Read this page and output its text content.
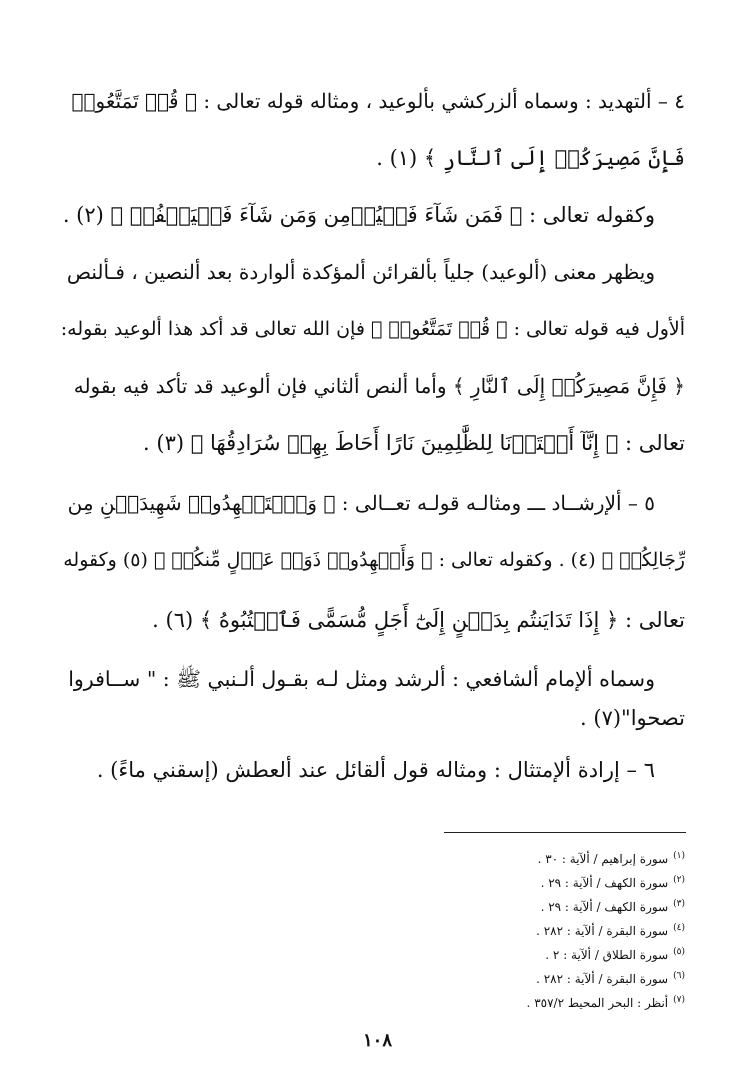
٤ – ألتهديد : وسماه ألزركشي بألوعيد ، ومثاله قوله تعالى : ﴿ قُلۡ تَمَتَّعُوا۟
فَإِنَّ مَصِيرَكُمۡ إِلَى ٱلنَّارِ ﴾ (١) .
وكقوله تعالى : ﴿ فَمَن شَآءَ فَلۡيُؤۡمِن وَمَن شَآءَ فَلۡيَكۡفُرۡ ﴾ (٢) .
ويظهر معنى (ألوعيد) جلياً بألقرائن ألمؤكدة ألواردة بعد ألنصين ، فـألنص
ألأول فيه قوله تعالى : ﴿ قُلۡ تَمَتَّعُوا۟ ﴾ فإن الله تعالى قد أكد هذا ألوعيد بقوله:
﴿ فَإِنَّ مَصِيرَكُمۡ إِلَى ٱلنَّارِ ﴾ وأما ألنص ألثاني فإن ألوعيد قد تأكد فيه بقوله
تعالى : ﴿ إِنَّآ أَعۡتَدۡنَا لِلظَّٰلِمِينَ نَارًا أَحَاطَ بِهِمۡ سُرَادِقُهَا ﴾ (٣) .
٥ – ألإرشــاد ـــ ومثالـه قولـه تعــالى : ﴿ وَٱسۡتَشۡهِدُوا۟ شَهِيدَيۡنِ مِن
رِّجَالِكُمۡ ﴾ (٤) . وكقوله تعالى : ﴿ وَأَشۡهِدُوا۟ ذَوَيۡ عَدۡلٍ مِّنكُمۡ ﴾ (٥) وكقوله
تعالى : ﴿ إِذَا تَدَايَنتُم بِدَيۡنٍ إِلَىٰٓ أَجَلٍ مُّسَمًّى فَٱكۡتُبُوهُ ﴾ (٦) .
وسماه ألإمام ألشافعي : ألرشد ومثل لـه بقـول ألـنبي ﷺ : " ســافروا
تصحوا"(٧) .
٦ – إرادة ألإمتثال : ومثاله قول ألقائل عند ألعطش (إسقني ماءً) .
$^{(١)}$سورة إبراهيم / ألآية : ٣٠ .
$^{(٢)}$سورة الكهف / ألآية : ٢٩ .
$^{(٣)}$سورة الكهف / ألآية : ٢٩ .
$^{(٤)}$سورة البقرة / ألآية : ٢٨٢ .
$^{(٥)}$سورة الطلاق / ألآية : ٢ .
$^{(٦)}$سورة البقرة / ألآية : ٢٨٢ .
$^{(٧)}$أنظر : البحر المحيط ٣٥٧/٢ .
١٠٨
